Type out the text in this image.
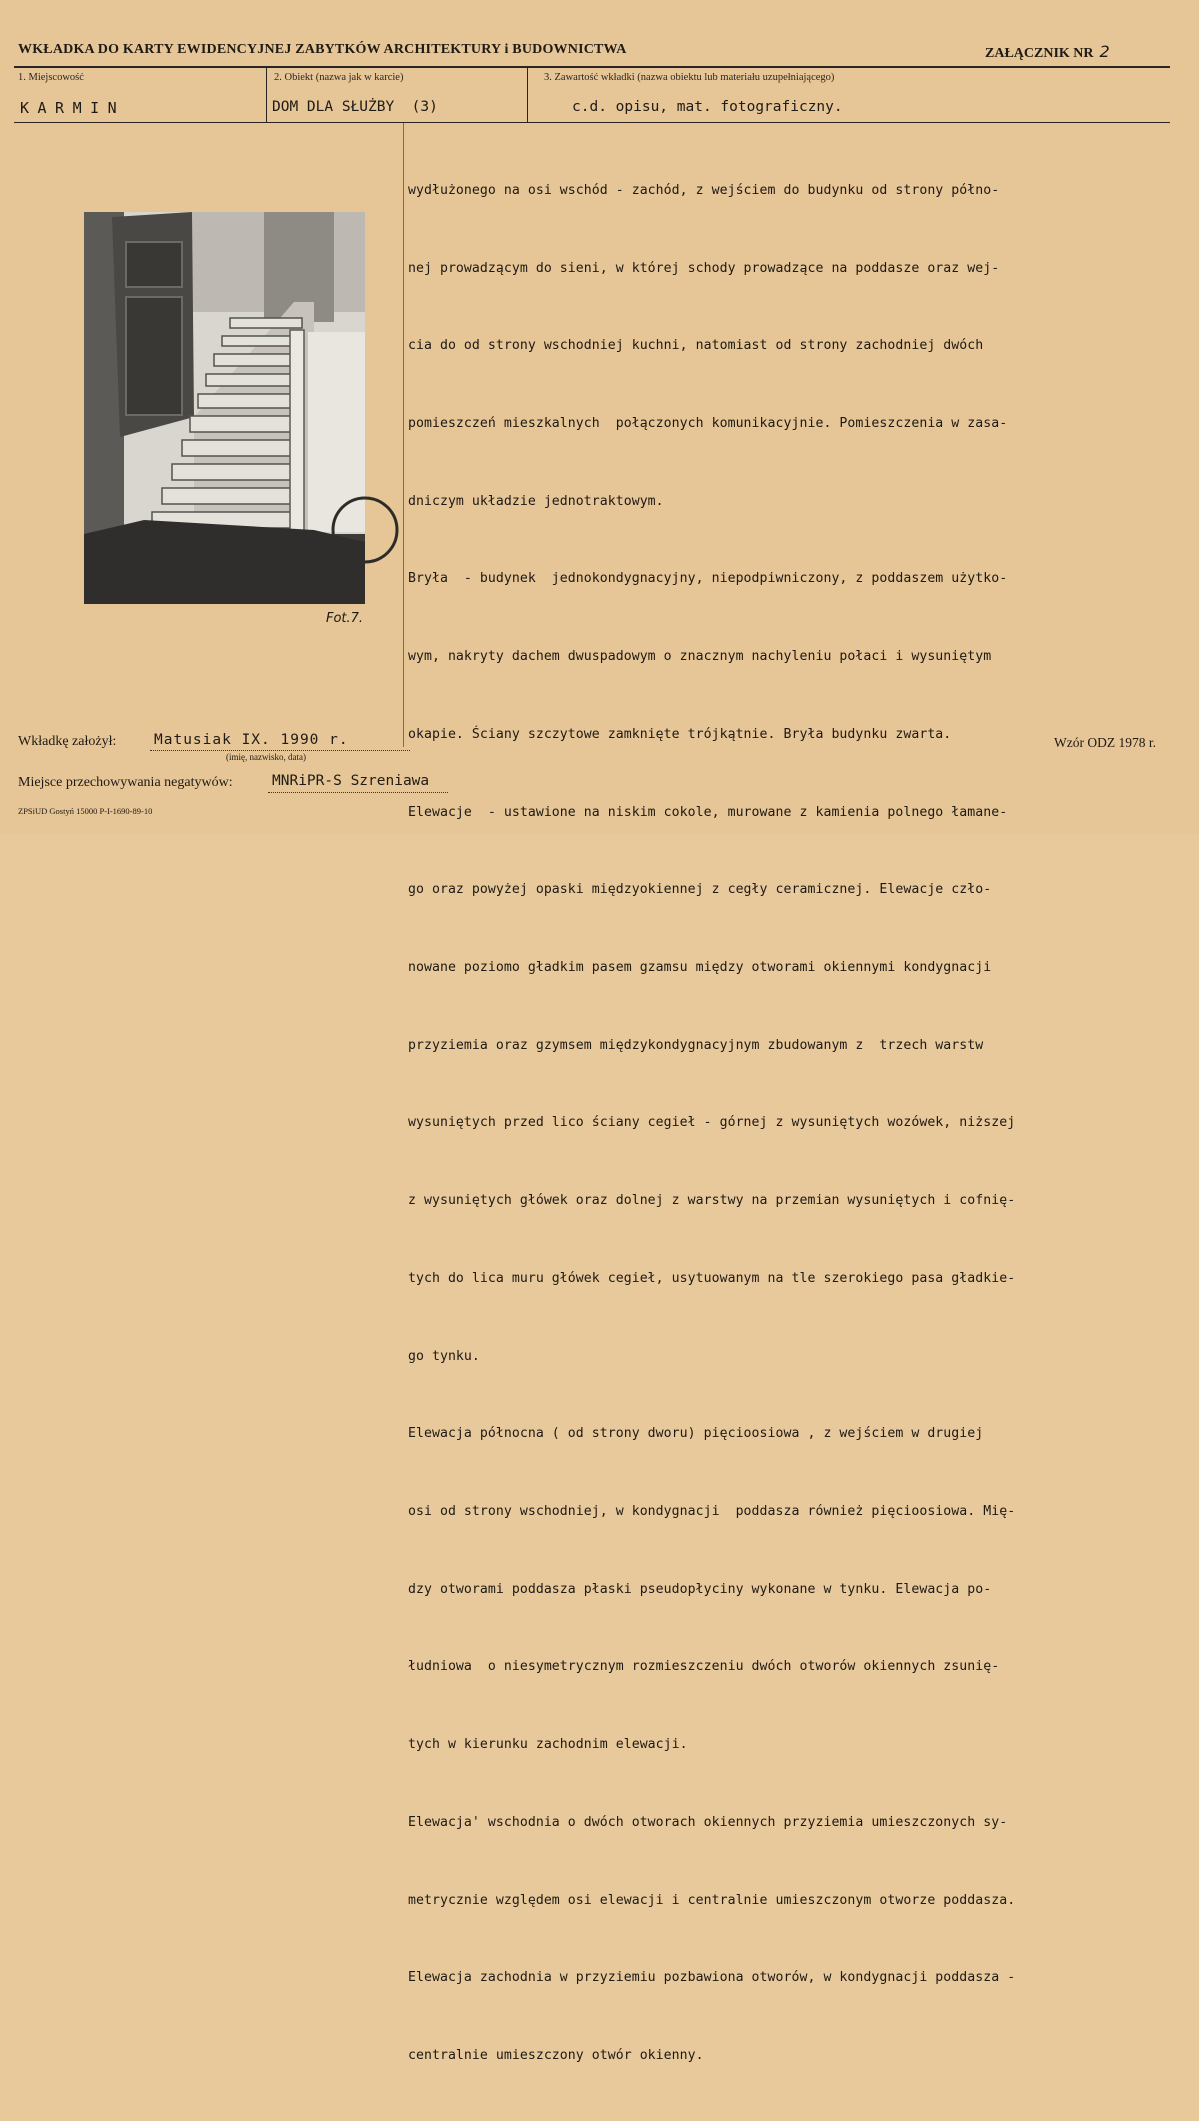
WKŁADKA DO KARTY EWIDENCYJNEJ ZABYTKÓW ARCHITEKTURY i BUDOWNICTWA	ZAŁĄCZNIK NR 2
1. Miejscowość
KARMIN
2. Obiekt (nazwa jak w karcie)
DOM DLA SŁUŻBY  (3)
3. Zawartość wkładki (nazwa obiektu lub materiału uzupełniającego)
c.d. opisu, mat. fotograficzny.
Fot.7.

wydłużonego na osi wschód - zachód, z wejściem do budynku od strony półno-

nej prowadzącym do sieni, w której schody prowadzące na poddasze oraz wej-

cia do od strony wschodniej kuchni, natomiast od strony zachodniej dwóch

pomieszczeń mieszkalnych  połączonych komunikacyjnie. Pomieszczenia w zasa-

dniczym układzie jednotraktowym.

Bryła  - budynek  jednokondygnacyjny, niepodpiwniczony, z poddaszem użytko-

wym, nakryty dachem dwuspadowym o znacznym nachyleniu połaci i wysuniętym

okapie. Ściany szczytowe zamknięte trójkątnie. Bryła budynku zwarta.

Elewacje  - ustawione na niskim cokole, murowane z kamienia polnego łamane-

go oraz powyżej opaski międzyokiennej z cegły ceramicznej. Elewacje czło-

nowane poziomo gładkim pasem gzamsu między otworami okiennymi kondygnacji

przyziemia oraz gzymsem międzykondygnacyjnym zbudowanym z  trzech warstw

wysuniętych przed lico ściany cegieł - górnej z wysuniętych wozówek, niższej

z wysuniętych główek oraz dolnej z warstwy na przemian wysuniętych i cofnię-

tych do lica muru główek cegieł, usytuowanym na tle szerokiego pasa gładkie-

go tynku.

Elewacja północna ( od strony dworu) pięcioosiowa , z wejściem w drugiej

osi od strony wschodniej, w kondygnacji  poddasza również pięcioosiowa. Mię-

dzy otworami poddasza płaski pseudopłyciny wykonane w tynku. Elewacja po-

łudniowa  o niesymetrycznym rozmieszczeniu dwóch otworów okiennych zsunię-

tych w kierunku zachodnim elewacji.

Elewacja' wschodnia o dwóch otworach okiennych przyziemia umieszczonych sy-

metrycznie względem osi elewacji i centralnie umieszczonym otworze poddasza.

Elewacja zachodnia w przyziemiu pozbawiona otworów, w kondygnacji poddasza -

centralnie umieszczony otwór okienny.

Wkładkę założył:	Matusiak IX. 1990 r.
(imię, nazwisko, data)
Wzór ODZ 1978 r.
Miejsce przechowywania negatywów:	MNRiPR-S Szreniawa
ZPSiUD Gostyń 15000 P-I-1690-89-10
